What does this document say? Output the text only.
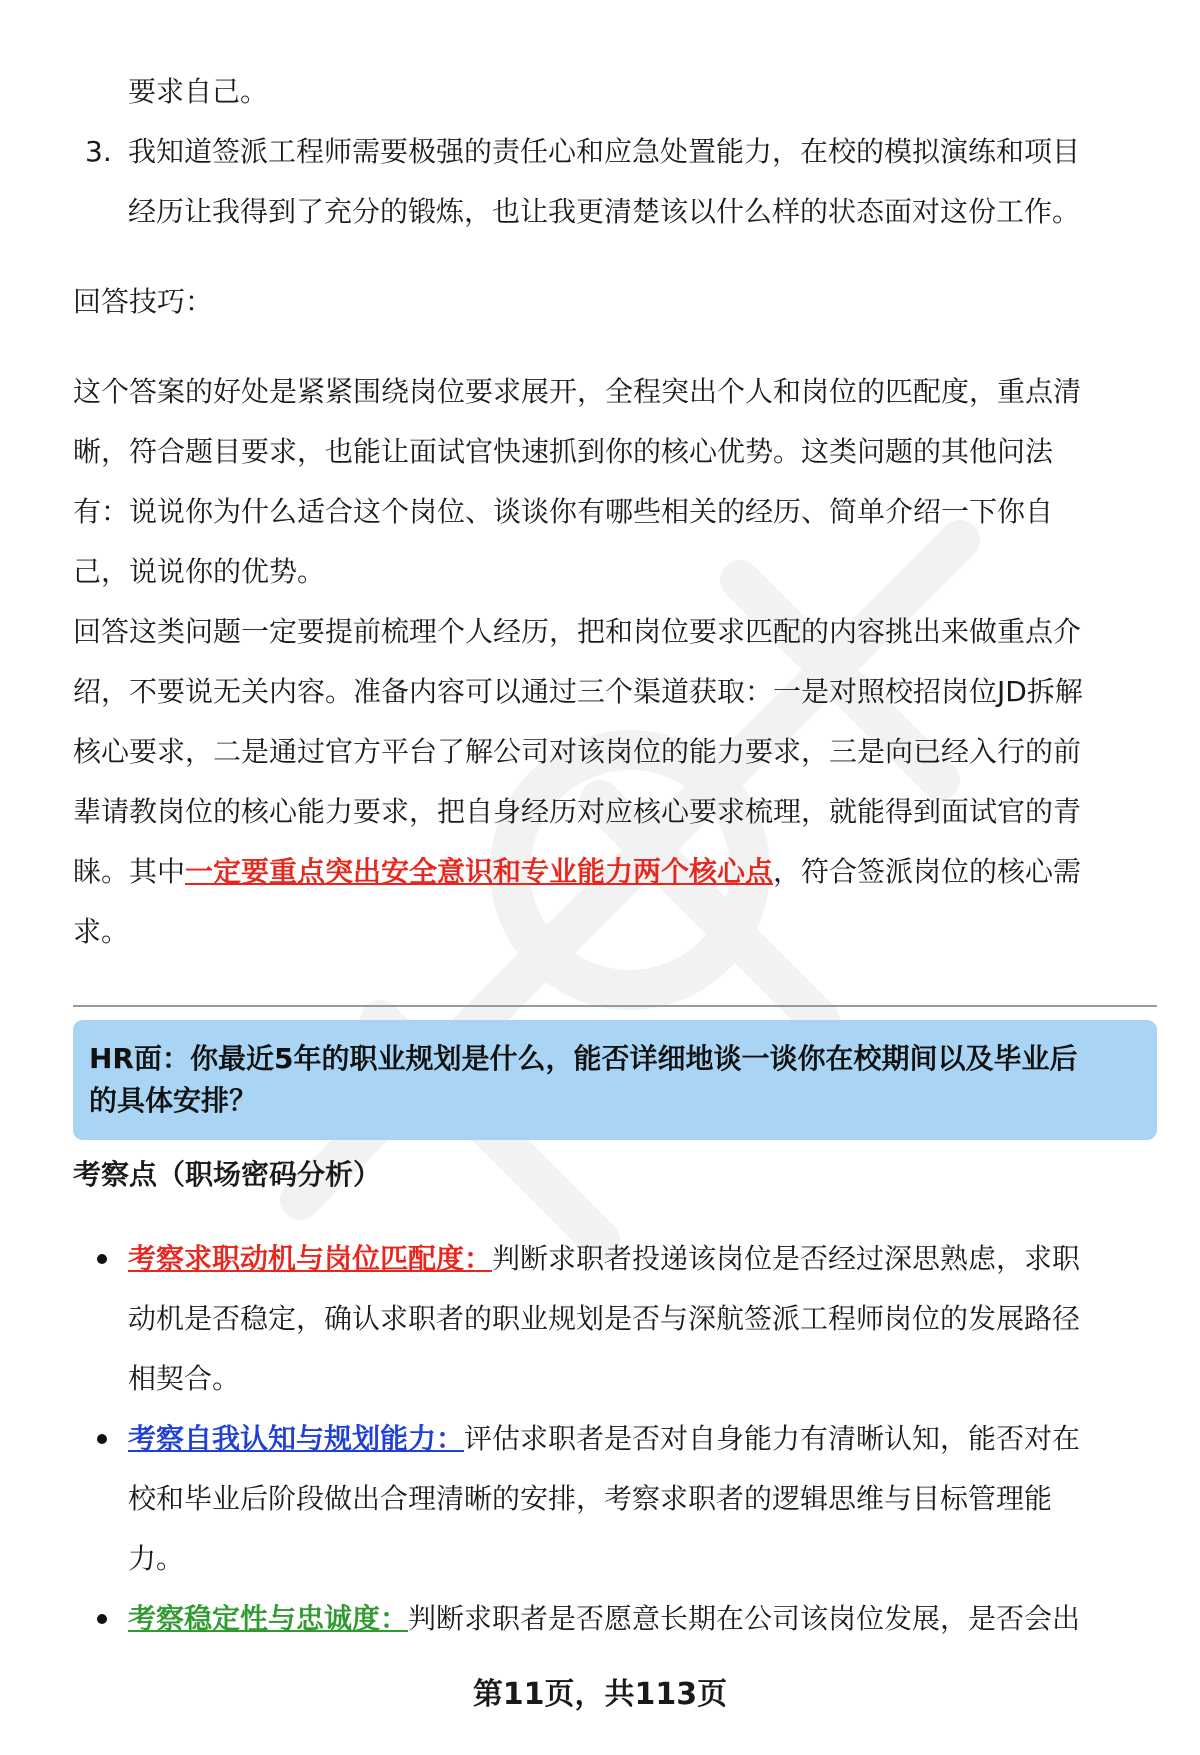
要求自己。

3. 我知道签派工程师需要极强的责任心和应急处置能力，在校的模拟演练和项目

经历让我得到了充分的锻炼，也让我更清楚该以什么样的状态面对这份工作。

回答技巧：

这个答案的好处是紧紧围绕岗位要求展开，全程突出个人和岗位的匹配度，重点清

晰，符合题目要求，也能让面试官快速抓到你的核心优势。这类问题的其他问法

有：说说你为什么适合这个岗位、谈谈你有哪些相关的经历、简单介绍一下你自

己，说说你的优势。

回答这类问题一定要提前梳理个人经历，把和岗位要求匹配的内容挑出来做重点介

绍，不要说无关内容。准备内容可以通过三个渠道获取：一是对照校招岗位JD拆解

核心要求，二是通过官方平台了解公司对该岗位的能力要求，三是向已经入行的前

辈请教岗位的核心能力要求，把自身经历对应核心要求梳理，就能得到面试官的青

睐。其中一定要重点突出安全意识和专业能力两个核心点，符合签派岗位的核心需

求。

HR面：你最近5年的职业规划是什么，能否详细地谈一谈你在校期间以及毕业后
的具体安排？
考察点（职场密码分析）

考察求职动机与岗位匹配度：判断求职者投递该岗位是否经过深思熟虑，求职

动机是否稳定，确认求职者的职业规划是否与深航签派工程师岗位的发展路径

相契合。

考察自我认知与规划能力：评估求职者是否对自身能力有清晰认知，能否对在

校和毕业后阶段做出合理清晰的安排，考察求职者的逻辑思维与目标管理能

力。

考察稳定性与忠诚度：判断求职者是否愿意长期在公司该岗位发展，是否会出

第11页，共113页
